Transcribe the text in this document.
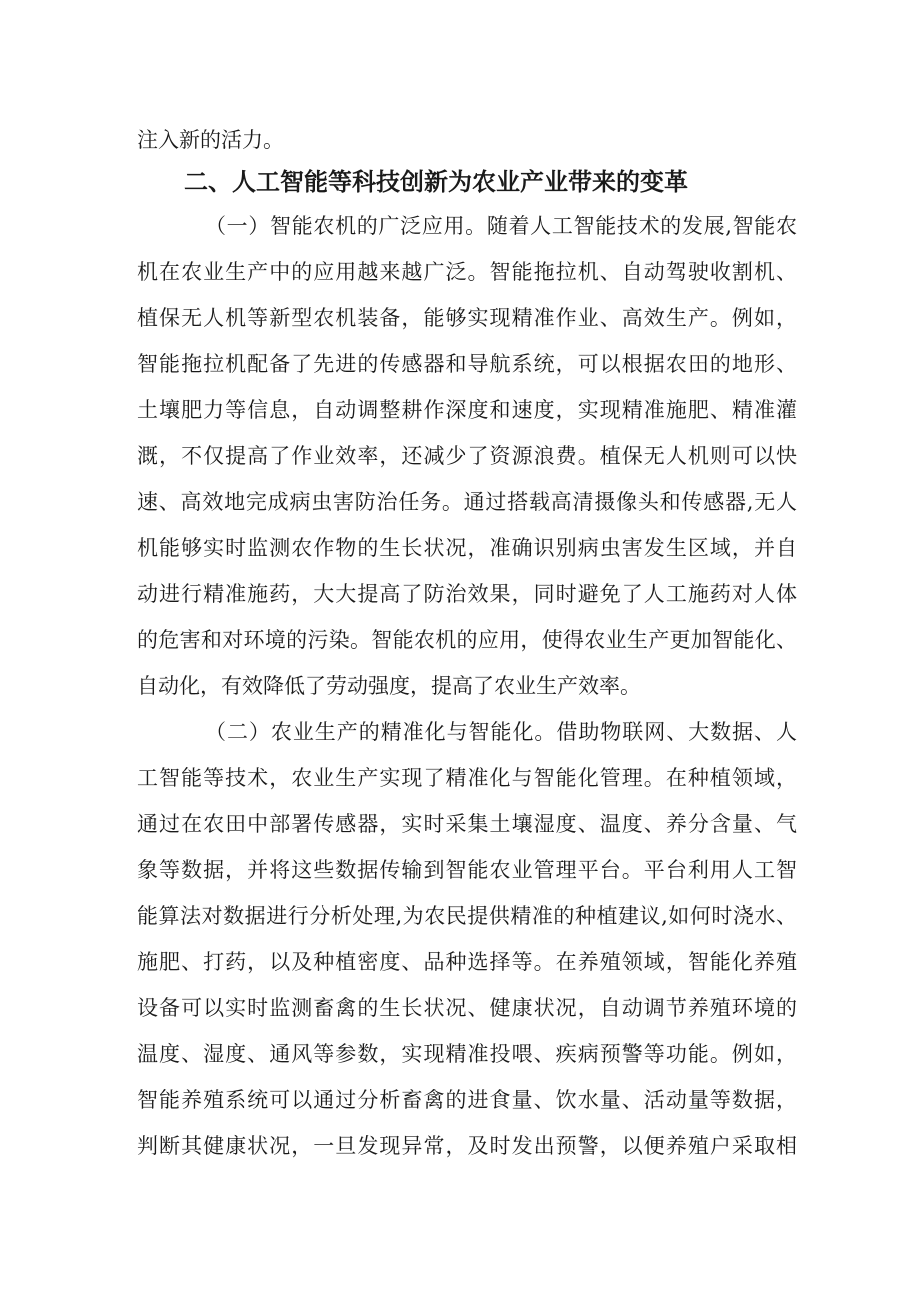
注入新的活力。
二、人工智能等科技创新为农业产业带来的变革
（一）智能农机的广泛应用。随着人工智能技术的发展,智能农
机在农业生产中的应用越来越广泛。智能拖拉机、自动驾驶收割机、
植保无人机等新型农机装备，能够实现精准作业、高效生产。例如，
智能拖拉机配备了先进的传感器和导航系统，可以根据农田的地形、
土壤肥力等信息，自动调整耕作深度和速度，实现精准施肥、精准灌
溉，不仅提高了作业效率，还减少了资源浪费。植保无人机则可以快
速、高效地完成病虫害防治任务。通过搭载高清摄像头和传感器,无人
机能够实时监测农作物的生长状况，准确识别病虫害发生区域，并自
动进行精准施药，大大提高了防治效果，同时避免了人工施药对人体
的危害和对环境的污染。智能农机的应用，使得农业生产更加智能化、
自动化，有效降低了劳动强度，提高了农业生产效率。
（二）农业生产的精准化与智能化。借助物联网、大数据、人
工智能等技术，农业生产实现了精准化与智能化管理。在种植领域，
通过在农田中部署传感器，实时采集土壤湿度、温度、养分含量、气
象等数据，并将这些数据传输到智能农业管理平台。平台利用人工智
能算法对数据进行分析处理,为农民提供精准的种植建议,如何时浇水、
施肥、打药，以及种植密度、品种选择等。在养殖领域，智能化养殖
设备可以实时监测畜禽的生长状况、健康状况，自动调节养殖环境的
温度、湿度、通风等参数，实现精准投喂、疾病预警等功能。例如，
智能养殖系统可以通过分析畜禽的进食量、饮水量、活动量等数据，
判断其健康状况，一旦发现异常，及时发出预警，以便养殖户采取相
